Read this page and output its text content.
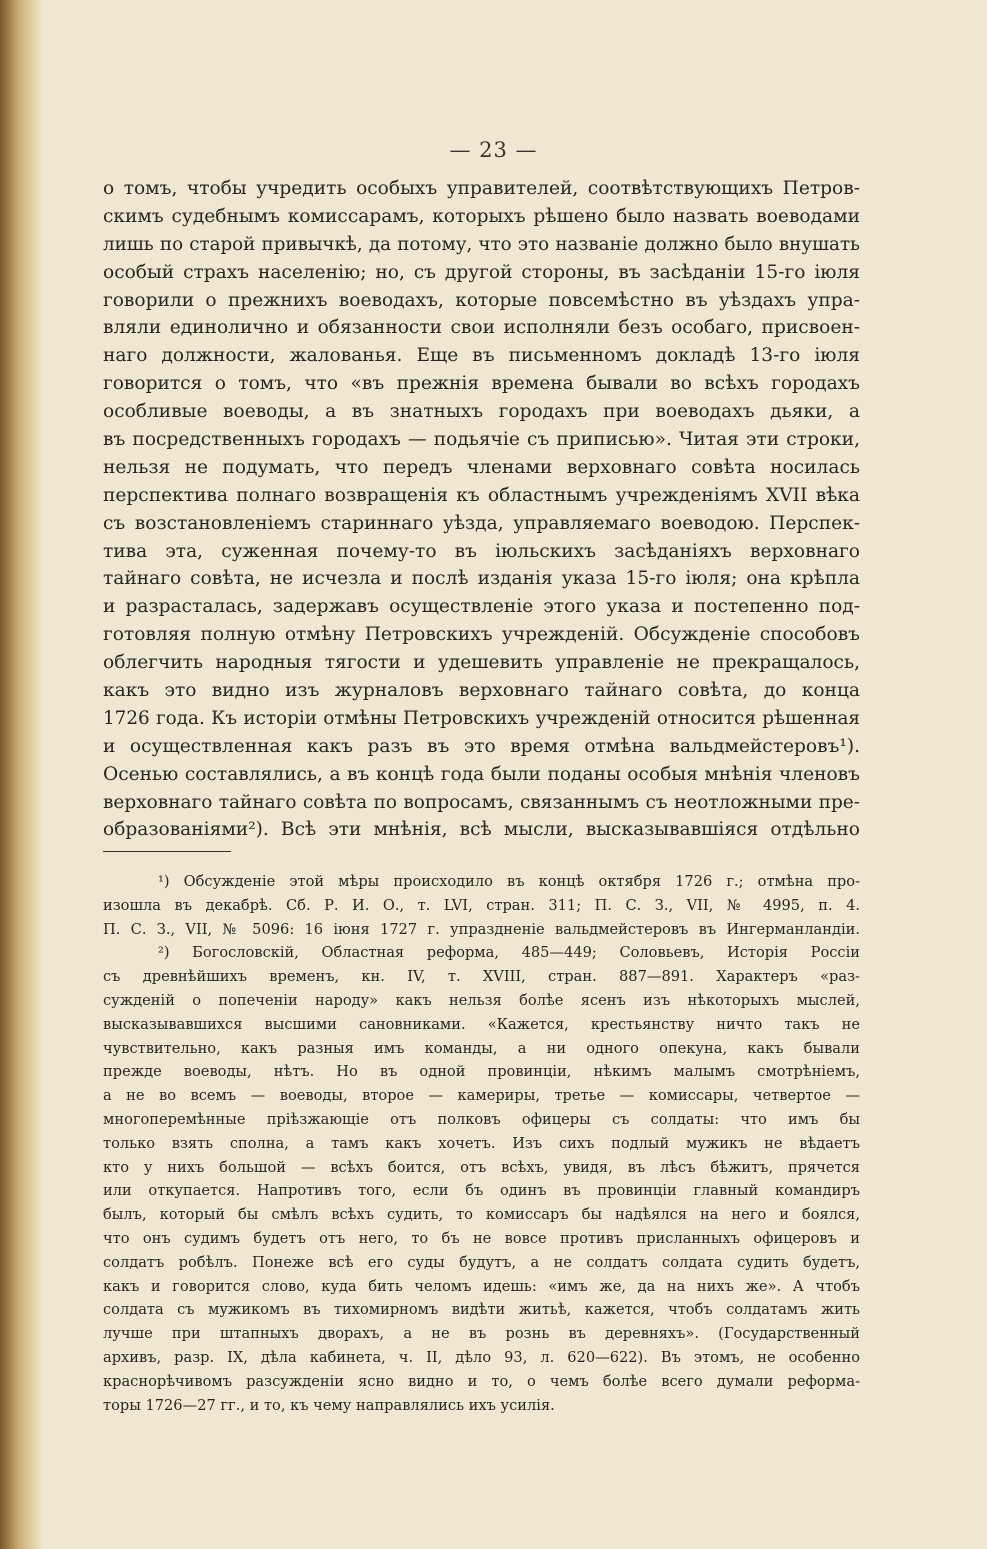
— 23 —
о томъ, чтобы учредить особыхъ управителей, соотвѣтствующихъ Петров-
скимъ судебнымъ комиссарамъ, которыхъ рѣшено было назвать воеводами
лишь по старой привычкѣ, да потому, что это названіе должно было внушать
особый страхъ населенію; но, съ другой стороны, въ засѣданіи 15-го іюля
говорили о прежнихъ воеводахъ, которые повсемѣстно въ уѣздахъ упра-
вляли единолично и обязанности свои исполняли безъ особаго, присвоен-
наго должности, жалованья. Еще въ письменномъ докладѣ 13-го іюля
говорится о томъ, что «въ прежнія времена бывали во всѣхъ городахъ
особливые воеводы, а въ знатныхъ городахъ при воеводахъ дьяки, а
въ посредственныхъ городахъ — подьячіе съ приписью». Читая эти строки,
нельзя не подумать, что передъ членами верховнаго совѣта носилась
перспектива полнаго возвращенія къ областнымъ учрежденіямъ XVII вѣка
съ возстановленіемъ стариннаго уѣзда, управляемаго воеводою. Перспек-
тива эта, суженная почему-то въ іюльскихъ засѣданіяхъ верховнаго
тайнаго совѣта, не исчезла и послѣ изданія указа 15-го іюля; она крѣпла
и разрасталась, задержавъ осуществленіе этого указа и постепенно под-
готовляя полную отмѣну Петровскихъ учрежденій. Обсужденіе способовъ
облегчить народныя тягости и удешевить управленіе не прекращалось,
какъ это видно изъ журналовъ верховнаго тайнаго совѣта, до конца
1726 года. Къ исторіи отмѣны Петровскихъ учрежденій относится рѣшенная
и осуществленная какъ разъ въ это время отмѣна вальдмейстеровъ¹).
Осенью составлялись, а въ концѣ года были поданы особыя мнѣнія членовъ
верховнаго тайнаго совѣта по вопросамъ, связаннымъ съ неотложными пре-
образованіями²). Всѣ эти мнѣнія, всѣ мысли, высказывавшіяся отдѣльно
¹) Обсужденіе этой мѣры происходило въ концѣ октября 1726 г.; отмѣна про-
изошла въ декабрѣ. Сб. Р. И. О., т. LVI, стран. 311; П. С. З., VII, № 4995, п. 4.
П. С. З., VII, № 5096: 16 іюня 1727 г. упраздненіе вальдмейстеровъ въ Ингерманландіи.
²) Богословскій, Областная реформа, 485—449; Соловьевъ, Исторія Россіи
съ древнѣйшихъ временъ, кн. IV, т. XVIII, стран. 887—891. Характеръ «раз-
сужденій о попеченіи народу» какъ нельзя болѣе ясенъ изъ нѣкоторыхъ мыслей,
высказывавшихся высшими сановниками. «Кажется, крестьянству ничто такъ не
чувствительно, какъ разныя имъ команды, а ни одного опекуна, какъ бывали
прежде воеводы, нѣтъ. Но въ одной провинціи, нѣкимъ малымъ смотрѣніемъ,
а не во всемъ — воеводы, второе — камериры, третье — комиссары, четвертое —
многоперемѣнные пріѣзжающіе отъ полковъ офицеры съ солдаты: что имъ бы
только взять сполна, а тамъ какъ хочетъ. Изъ сихъ подлый мужикъ не вѣдаетъ
кто у нихъ большой — всѣхъ боится, отъ всѣхъ, увидя, въ лѣсъ бѣжитъ, прячется
или откупается. Напротивъ того, если бъ одинъ въ провинціи главный командиръ
былъ, который бы смѣлъ всѣхъ судить, то комиссаръ бы надѣялся на него и боялся,
что онъ судимъ будетъ отъ него, то бъ не вовсе противъ присланныхъ офицеровъ и
солдатъ робѣлъ. Понеже всѣ его суды будутъ, а не солдатъ солдата судить будетъ,
какъ и говорится слово, куда бить челомъ идешь: «имъ же, да на нихъ же». А чтобъ
солдата съ мужикомъ въ тихомирномъ видѣти житьѣ, кажется, чтобъ солдатамъ жить
лучше при штапныхъ дворахъ, а не въ рознь въ деревняхъ». (Государственный
архивъ, разр. IX, дѣла кабинета, ч. II, дѣло 93, л. 620—622). Въ этомъ, не особенно
краснорѣчивомъ разсужденіи ясно видно и то, о чемъ болѣе всего думали реформа-
торы 1726—27 гг., и то, къ чему направлялись ихъ усилія.
